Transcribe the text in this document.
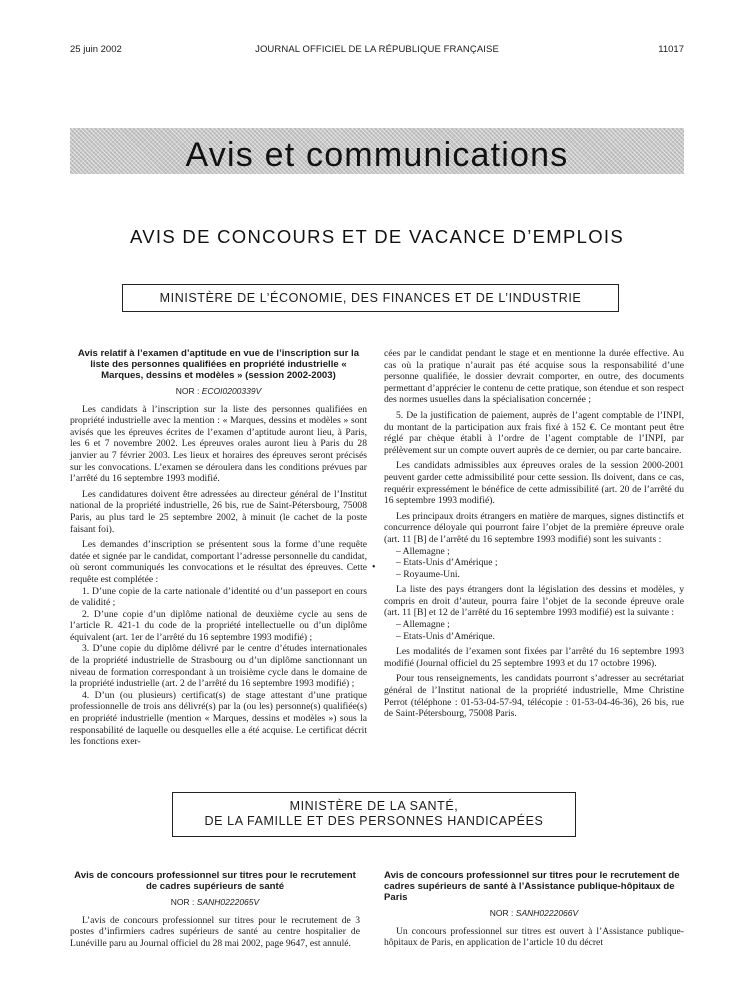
25 juin 2002	JOURNAL OFFICIEL DE LA RÉPUBLIQUE FRANÇAISE	11017
Avis et communications
AVIS DE CONCOURS ET DE VACANCE D’EMPLOIS
MINISTÈRE DE L’ÉCONOMIE, DES FINANCES ET DE L’INDUSTRIE

Avis relatif à l’examen d’aptitude en vue de l’inscription sur la liste des personnes qualifiées en propriété industrielle « Marques, dessins et modèles » (session 2002-2003)

NOR : ECOI0200339V

Les candidats à l’inscription sur la liste des personnes qualifiées en propriété industrielle avec la mention : « Marques, dessins et modèles » sont avisés que les épreuves écrites de l’examen d’aptitude auront lieu, à Paris, les 6 et 7 novembre 2002. Les épreuves orales auront lieu à Paris du 28 janvier au 7 février 2003. Les lieux et horaires des épreuves seront précisés sur les convocations. L’examen se déroulera dans les conditions prévues par l’arrêté du 16 septembre 1993 modifié.

Les candidatures doivent être adressées au directeur général de l’Institut national de la propriété industrielle, 26 bis, rue de Saint-Pétersbourg, 75008 Paris, au plus tard le 25 septembre 2002, à minuit (le cachet de la poste faisant foi).

Les demandes d’inscription se présentent sous la forme d’une requête datée et signée par le candidat, comportant l’adresse personnelle du candidat, où seront communiqués les convocations et le résultat des épreuves. Cette requête est complétée :

1. D’une copie de la carte nationale d’identité ou d’un passeport en cours de validité ;

2. D’une copie d’un diplôme national de deuxième cycle au sens de l’article R. 421-1 du code de la propriété intellectuelle ou d’un diplôme équivalent (art. 1er de l’arrêté du 16 septembre 1993 modifié) ;

3. D’une copie du diplôme délivré par le centre d’études internationales de la propriété industrielle de Strasbourg ou d’un diplôme sanctionnant un niveau de formation correspondant à un troisième cycle dans le domaine de la propriété industrielle (art. 2 de l’arrêté du 16 septembre 1993 modifié) ;

4. D’un (ou plusieurs) certificat(s) de stage attestant d’une pratique professionnelle de trois ans délivré(s) par la (ou les) personne(s) qualifiée(s) en propriété industrielle (mention « Marques, dessins et modèles ») sous la responsabilité de laquelle ou desquelles elle a été acquise. Le certificat décrit les fonctions exer-

•

cées par le candidat pendant le stage et en mentionne la durée effective. Au cas où la pratique n’aurait pas été acquise sous la responsabilité d’une personne qualifiée, le dossier devrait comporter, en outre, des documents permettant d’apprécier le contenu de cette pratique, son étendue et son respect des normes usuelles dans la spécialisation concernée ;

5. De la justification de paiement, auprès de l’agent comptable de l’INPI, du montant de la participation aux frais fixé à 152 €. Ce montant peut être réglé par chèque établi à l’ordre de l’agent comptable de l’INPI, par prélèvement sur un compte ouvert auprès de ce dernier, ou par carte bancaire.

Les candidats admissibles aux épreuves orales de la session 2000-2001 peuvent garder cette admissibilité pour cette session. Ils doivent, dans ce cas, requérir expressément le bénéfice de cette admissibilité (art. 20 de l’arrêté du 16 septembre 1993 modifié).

Les principaux droits étrangers en matière de marques, signes distinctifs et concurrence déloyale qui pourront faire l’objet de la première épreuve orale (art. 11 [B] de l’arrêté du 16 septembre 1993 modifié) sont les suivants :

– Allemagne ;

– Etats-Unis d’Amérique ;

– Royaume-Uni.

La liste des pays étrangers dont la législation des dessins et modèles, y compris en droit d’auteur, pourra faire l’objet de la seconde épreuve orale (art. 11 [B] et 12 de l’arrêté du 16 septembre 1993 modifié) est la suivante :

– Allemagne ;

– Etats-Unis d’Amérique.

Les modalités de l’examen sont fixées par l’arrêté du 16 septembre 1993 modifié (Journal officiel du 25 septembre 1993 et du 17 octobre 1996).

Pour tous renseignements, les candidats pourront s’adresser au secrétariat général de l’Institut national de la propriété industrielle, Mme Christine Perrot (téléphone : 01-53-04-57-94, télécopie : 01-53-04-46-36), 26 bis, rue de Saint-Pétersbourg, 75008 Paris.

MINISTÈRE DE LA SANTÉ,
DE LA FAMILLE ET DES PERSONNES HANDICAPÉES

Avis de concours professionnel sur titres pour le recrutement de cadres supérieurs de santé

NOR : SANH0222065V

L’avis de concours professionnel sur titres pour le recrutement de 3 postes d’infirmiers cadres supérieurs de santé au centre hospitalier de Lunéville paru au Journal officiel du 28 mai 2002, page 9647, est annulé.

Avis de concours professionnel sur titres pour le recrutement de cadres supérieurs de santé à l’Assistance publique-hôpitaux de Paris

NOR : SANH0222066V

Un concours professionnel sur titres est ouvert à l’Assistance publique-hôpitaux de Paris, en application de l’article 10 du décret
